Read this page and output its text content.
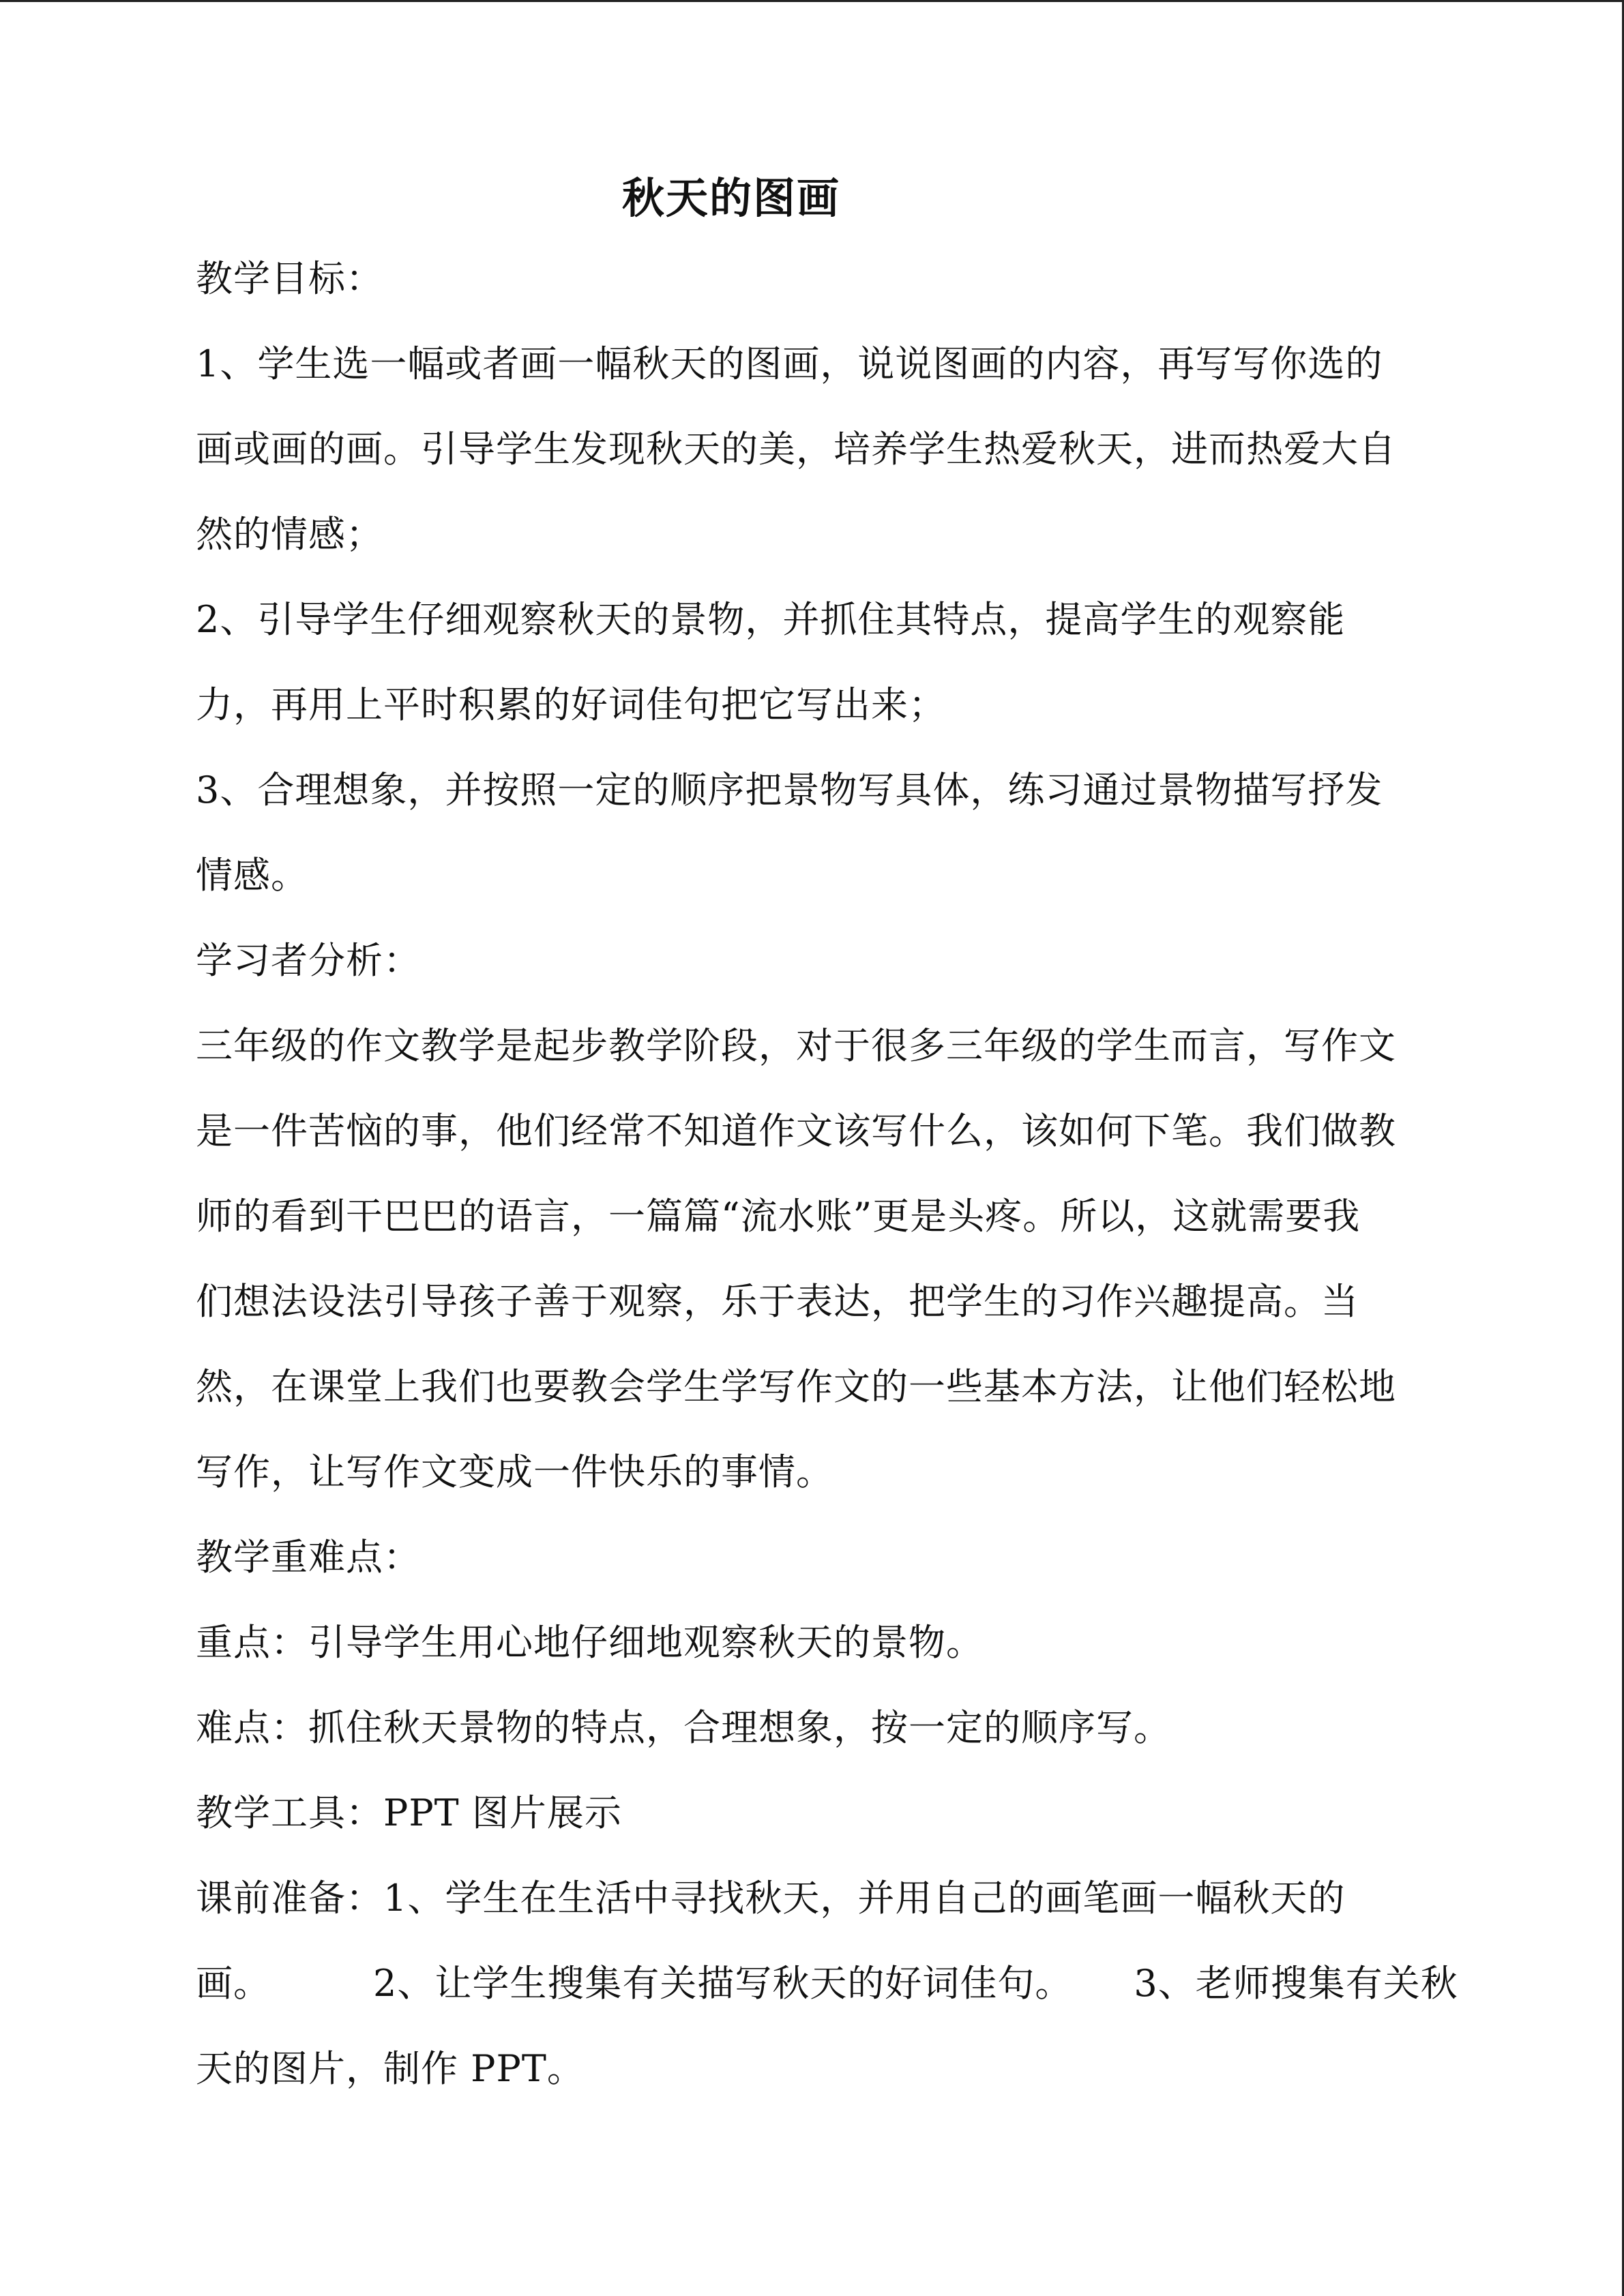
秋天的图画
教学目标：
1、学生选一幅或者画一幅秋天的图画，说说图画的内容，再写写你选的
画或画的画。引导学生发现秋天的美，培养学生热爱秋天，进而热爱大自
然的情感；
2、引导学生仔细观察秋天的景物，并抓住其特点，提高学生的观察能
力，再用上平时积累的好词佳句把它写出来；
3、合理想象，并按照一定的顺序把景物写具体，练习通过景物描写抒发
情感。
学习者分析：
三年级的作文教学是起步教学阶段，对于很多三年级的学生而言，写作文
是一件苦恼的事，他们经常不知道作文该写什么，该如何下笔。我们做教
师的看到干巴巴的语言，一篇篇“流水账”更是头疼。所以，这就需要我
们想法设法引导孩子善于观察，乐于表达，把学生的习作兴趣提高。当
然，在课堂上我们也要教会学生学写作文的一些基本方法，让他们轻松地
写作，让写作文变成一件快乐的事情。
教学重难点：
重点：引导学生用心地仔细地观察秋天的景物。
难点：抓住秋天景物的特点，合理想象，按一定的顺序写。
教学工具：PPT 图片展示
课前准备：1、学生在生活中寻找秋天，并用自己的画笔画一幅秋天的
画。	2、让学生搜集有关描写秋天的好词佳句。 3、老师搜集有关秋
天的图片，制作 PPT。
